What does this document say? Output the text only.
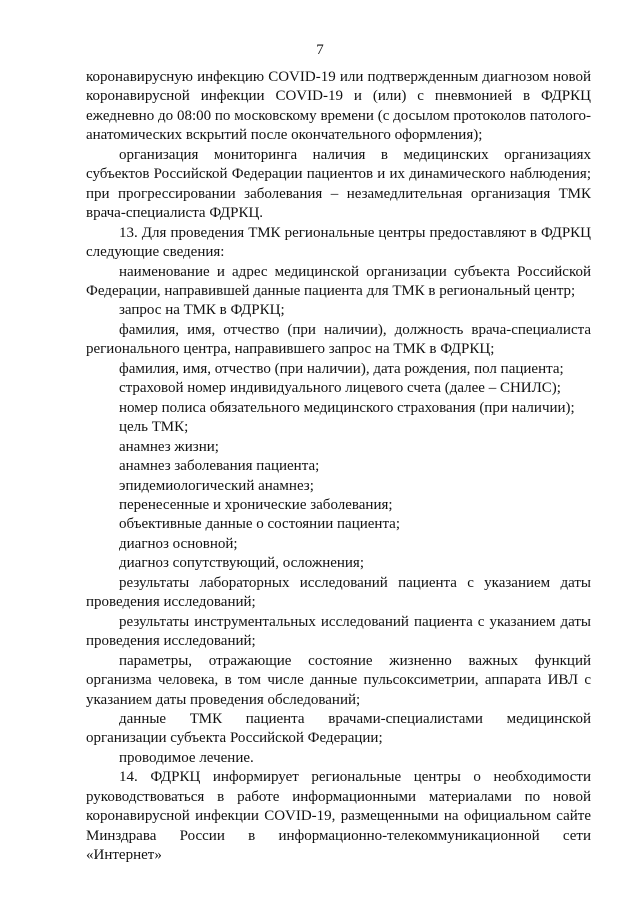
7

коронавирусную инфекцию COVID-19 или подтвержденным диагнозом новой коронавирусной инфекции COVID-19 и (или) с пневмонией в ФДРКЦ ежедневно до 08:00 по московскому времени (с досылом протоколов патолого-анатомических вскрытий после окончательного оформления);

организация мониторинга наличия в медицинских организациях субъектов Российской Федерации пациентов и их динамического наблюдения; при прогрессировании заболевания – незамедлительная организация ТМК врача-специалиста ФДРКЦ.

13. Для проведения ТМК региональные центры предоставляют в ФДРКЦ следующие сведения:

наименование и адрес медицинской организации субъекта Российской Федерации, направившей данные пациента для ТМК в региональный центр;

запрос на ТМК в ФДРКЦ;

фамилия, имя, отчество (при наличии), должность врача-специалиста регионального центра, направившего запрос на ТМК в ФДРКЦ;

фамилия, имя, отчество (при наличии), дата рождения, пол пациента;

страховой номер индивидуального лицевого счета (далее – СНИЛС);

номер полиса обязательного медицинского страхования (при наличии);

цель ТМК;

анамнез жизни;

анамнез заболевания пациента;

эпидемиологический анамнез;

перенесенные и хронические заболевания;

объективные данные о состоянии пациента;

диагноз основной;

диагноз сопутствующий, осложнения;

результаты лабораторных исследований пациента с указанием даты проведения исследований;

результаты инструментальных исследований пациента с указанием даты проведения исследований;

параметры, отражающие состояние жизненно важных функций организма человека, в том числе данные пульсоксиметрии, аппарата ИВЛ с указанием даты проведения обследований;

данные ТМК пациента врачами-специалистами медицинской организации субъекта Российской Федерации;

проводимое лечение.

14. ФДРКЦ информирует региональные центры о необходимости руководствоваться в работе информационными материалами по новой коронавирусной инфекции COVID-19, размещенными на официальном сайте Минздрава России в информационно-телекоммуникационной сети «Интернет»
